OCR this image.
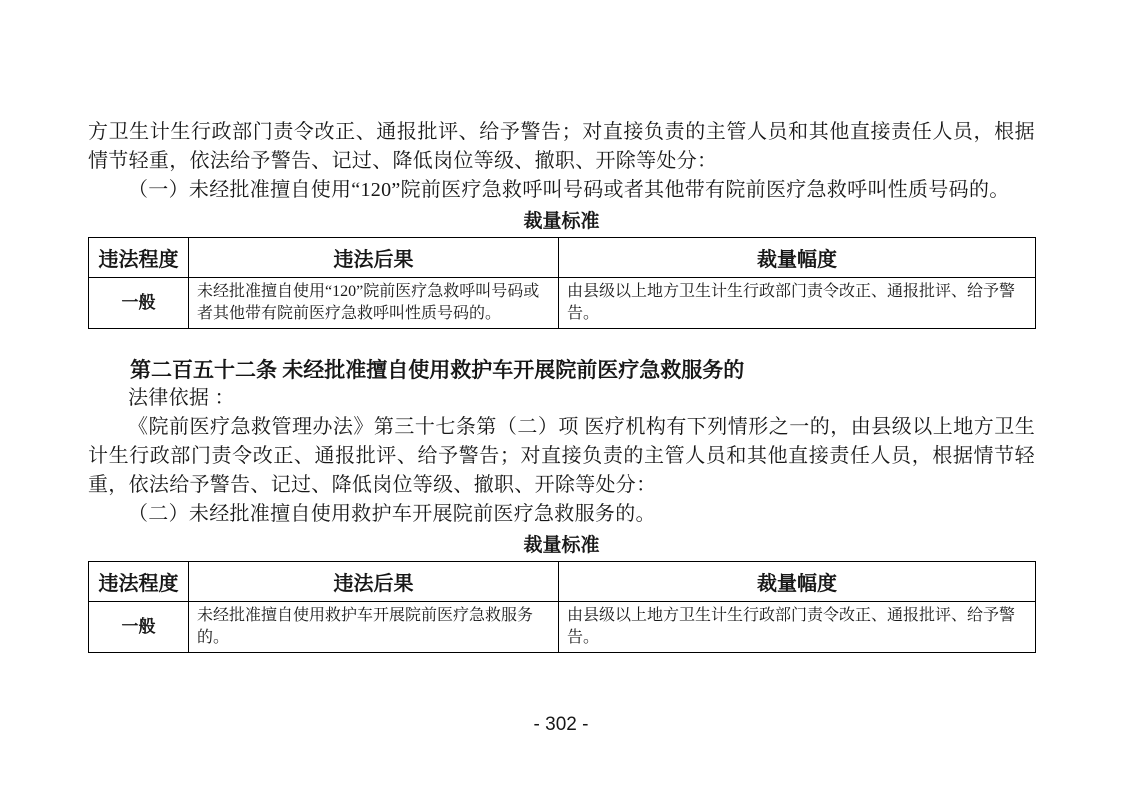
方卫生计生行政部门责令改正、通报批评、给予警告；对直接负责的主管人员和其他直接责任人员，根据情节轻重，依法给予警告、记过、降低岗位等级、撤职、开除等处分：

（一）未经批准擅自使用“120”院前医疗急救呼叫号码或者其他带有院前医疗急救呼叫性质号码的。

裁量标准
违法程度	违法后果	裁量幅度
一般	未经批准擅自使用“120”院前医疗急救呼叫号码或者其他带有院前医疗急救呼叫性质号码的。	由县级以上地方卫生计生行政部门责令改正、通报批评、给予警告。

第二百五十二条 未经批准擅自使用救护车开展院前医疗急救服务的

法律依据 ：

《院前医疗急救管理办法》第三十七条第（二）项 医疗机构有下列情形之一的，由县级以上地方卫生计生行政部门责令改正、通报批评、给予警告；对直接负责的主管人员和其他直接责任人员，根据情节轻重，依法给予警告、记过、降低岗位等级、撤职、开除等处分：

（二）未经批准擅自使用救护车开展院前医疗急救服务的。

裁量标准
违法程度	违法后果	裁量幅度
一般	未经批准擅自使用救护车开展院前医疗急救服务的。	由县级以上地方卫生计生行政部门责令改正、通报批评、给予警告。
- 302 -
